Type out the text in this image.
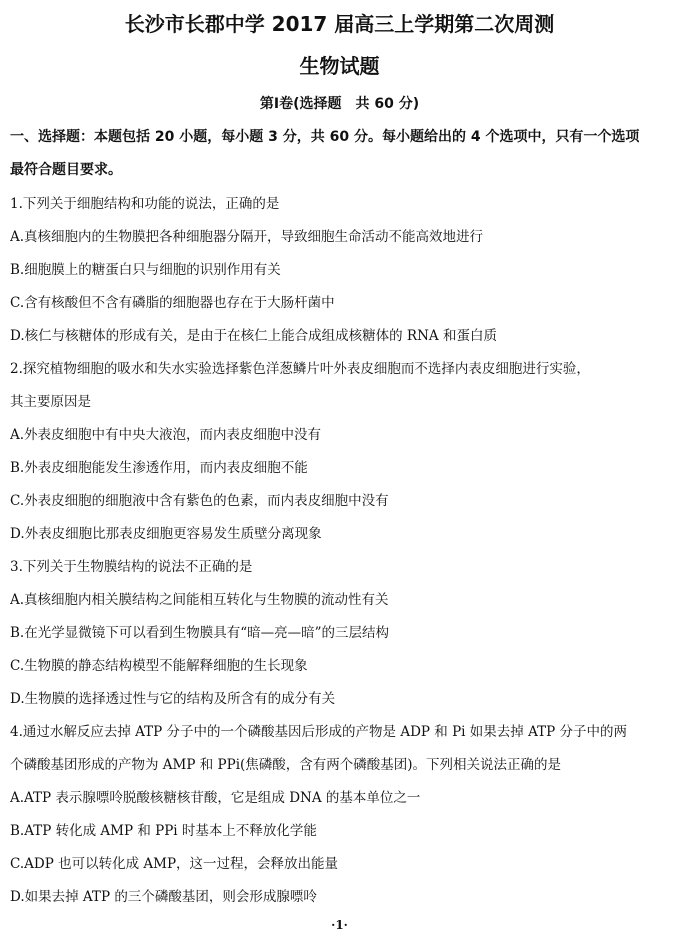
长沙市长郡中学 2017 届高三上学期第二次周测
生物试题
第Ⅰ卷(选择题　共 60 分)
一、选择题：本题包括 20 小题，每小题 3 分，共 60 分。每小题给出的 4 个选项中，只有一个选项
最符合题目要求。
1.下列关于细胞结构和功能的说法，正确的是
A.真核细胞内的生物膜把各种细胞器分隔开，导致细胞生命活动不能高效地进行
B.细胞膜上的糖蛋白只与细胞的识别作用有关
C.含有核酸但不含有磷脂的细胞器也存在于大肠杆菌中
D.核仁与核糖体的形成有关，是由于在核仁上能合成组成核糖体的 RNA 和蛋白质
2.探究植物细胞的吸水和失水实验选择紫色洋葱鳞片叶外表皮细胞而不选择内表皮细胞进行实验，
其主要原因是
A.外表皮细胞中有中央大液泡，而内表皮细胞中没有
B.外表皮细胞能发生渗透作用，而内表皮细胞不能
C.外表皮细胞的细胞液中含有紫色的色素，而内表皮细胞中没有
D.外表皮细胞比那表皮细胞更容易发生质壁分离现象
3.下列关于生物膜结构的说法不正确的是
A.真核细胞内相关膜结构之间能相互转化与生物膜的流动性有关
B.在光学显微镜下可以看到生物膜具有“暗—亮—暗”的三层结构
C.生物膜的静态结构模型不能解释细胞的生长现象
D.生物膜的选择透过性与它的结构及所含有的成分有关
4.通过水解反应去掉 ATP 分子中的一个磷酸基因后形成的产物是 ADP 和 Pi 如果去掉 ATP 分子中的两
个磷酸基团形成的产物为 AMP 和 PPi(焦磷酸，含有两个磷酸基团)。下列相关说法正确的是
A.ATP 表示腺嘌呤脱酸核糖核苷酸，它是组成 DNA 的基本单位之一
B.ATP 转化成 AMP 和 PPi 时基本上不释放化学能
C.ADP 也可以转化成 AMP，这一过程，会释放出能量
D.如果去掉 ATP 的三个磷酸基团，则会形成腺嘌呤
·1·
